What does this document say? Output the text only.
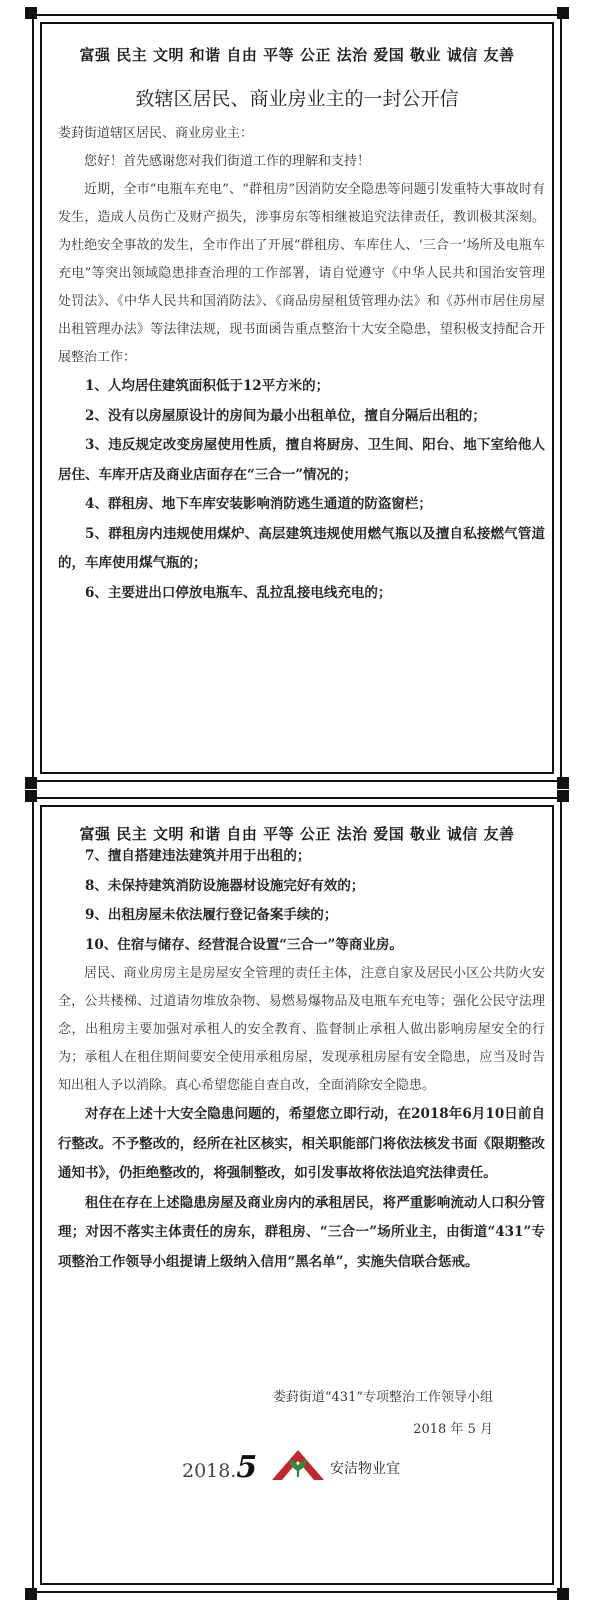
富强 民主 文明 和谐 自由 平等 公正 法治 爱国 敬业 诚信 友善
致辖区居民、商业房业主的一封公开信

娄葑街道辖区居民、商业房业主：

您好！首先感谢您对我们街道工作的理解和支持！

近期，全市“电瓶车充电”、“群租房”因消防安全隐患等问题引发重特大事故时有发生，造成人员伤亡及财产损失，涉事房东等相继被追究法律责任，教训极其深刻。为杜绝安全事故的发生，全市作出了开展“群租房、车库住人、‘三合一’场所及电瓶车充电”等突出领域隐患排查治理的工作部署，请自觉遵守《中华人民共和国治安管理处罚法》、《中华人民共和国消防法》、《商品房屋租赁管理办法》和《苏州市居住房屋出租管理办法》等法律法规，现书面函告重点整治十大安全隐患，望积极支持配合开展整治工作：

1、人均居住建筑面积低于12平方米的；

2、没有以房屋原设计的房间为最小出租单位，擅自分隔后出租的；

3、违反规定改变房屋使用性质，擅自将厨房、卫生间、阳台、地下室给他人居住、车库开店及商业店面存在“三合一”情况的；

4、群租房、地下车库安装影响消防逃生通道的防盗窗栏；

5、群租房内违规使用煤炉、高层建筑违规使用燃气瓶以及擅自私接燃气管道的，车库使用煤气瓶的；

6、主要进出口停放电瓶车、乱拉乱接电线充电的；

富强 民主 文明 和谐 自由 平等 公正 法治 爱国 敬业 诚信 友善

7、擅自搭建违法建筑并用于出租的；

8、未保持建筑消防设施器材设施完好有效的；

9、出租房屋未依法履行登记备案手续的；

10、住宿与储存、经营混合设置“三合一”等商业房。

居民、商业房房主是房屋安全管理的责任主体，注意自家及居民小区公共防火安全，公共楼梯、过道请勿堆放杂物、易燃易爆物品及电瓶车充电等；强化公民守法理念，出租房主要加强对承租人的安全教育、监督制止承租人做出影响房屋安全的行为；承租人在租住期间要安全使用承租房屋，发现承租房屋有安全隐患，应当及时告知出租人予以消除。真心希望您能自查自改，全面消除安全隐患。

对存在上述十大安全隐患问题的，希望您立即行动，在2018年6月10日前自行整改。不予整改的，经所在社区核实，相关职能部门将依法核发书面《限期整改通知书》，仍拒绝整改的，将强制整改，如引发事故将依法追究法律责任。

租住在存在上述隐患房屋及商业房内的承租居民，将严重影响流动人口积分管理；对因不落实主体责任的房东，群租房、“三合一”场所业主，由街道“431”专项整治工作领导小组提请上级纳入信用“黑名单”，实施失信联合惩戒。

娄葑街道“431”专项整治工作领导小组
2018 年 5 月
2018.5	安洁物业宜
